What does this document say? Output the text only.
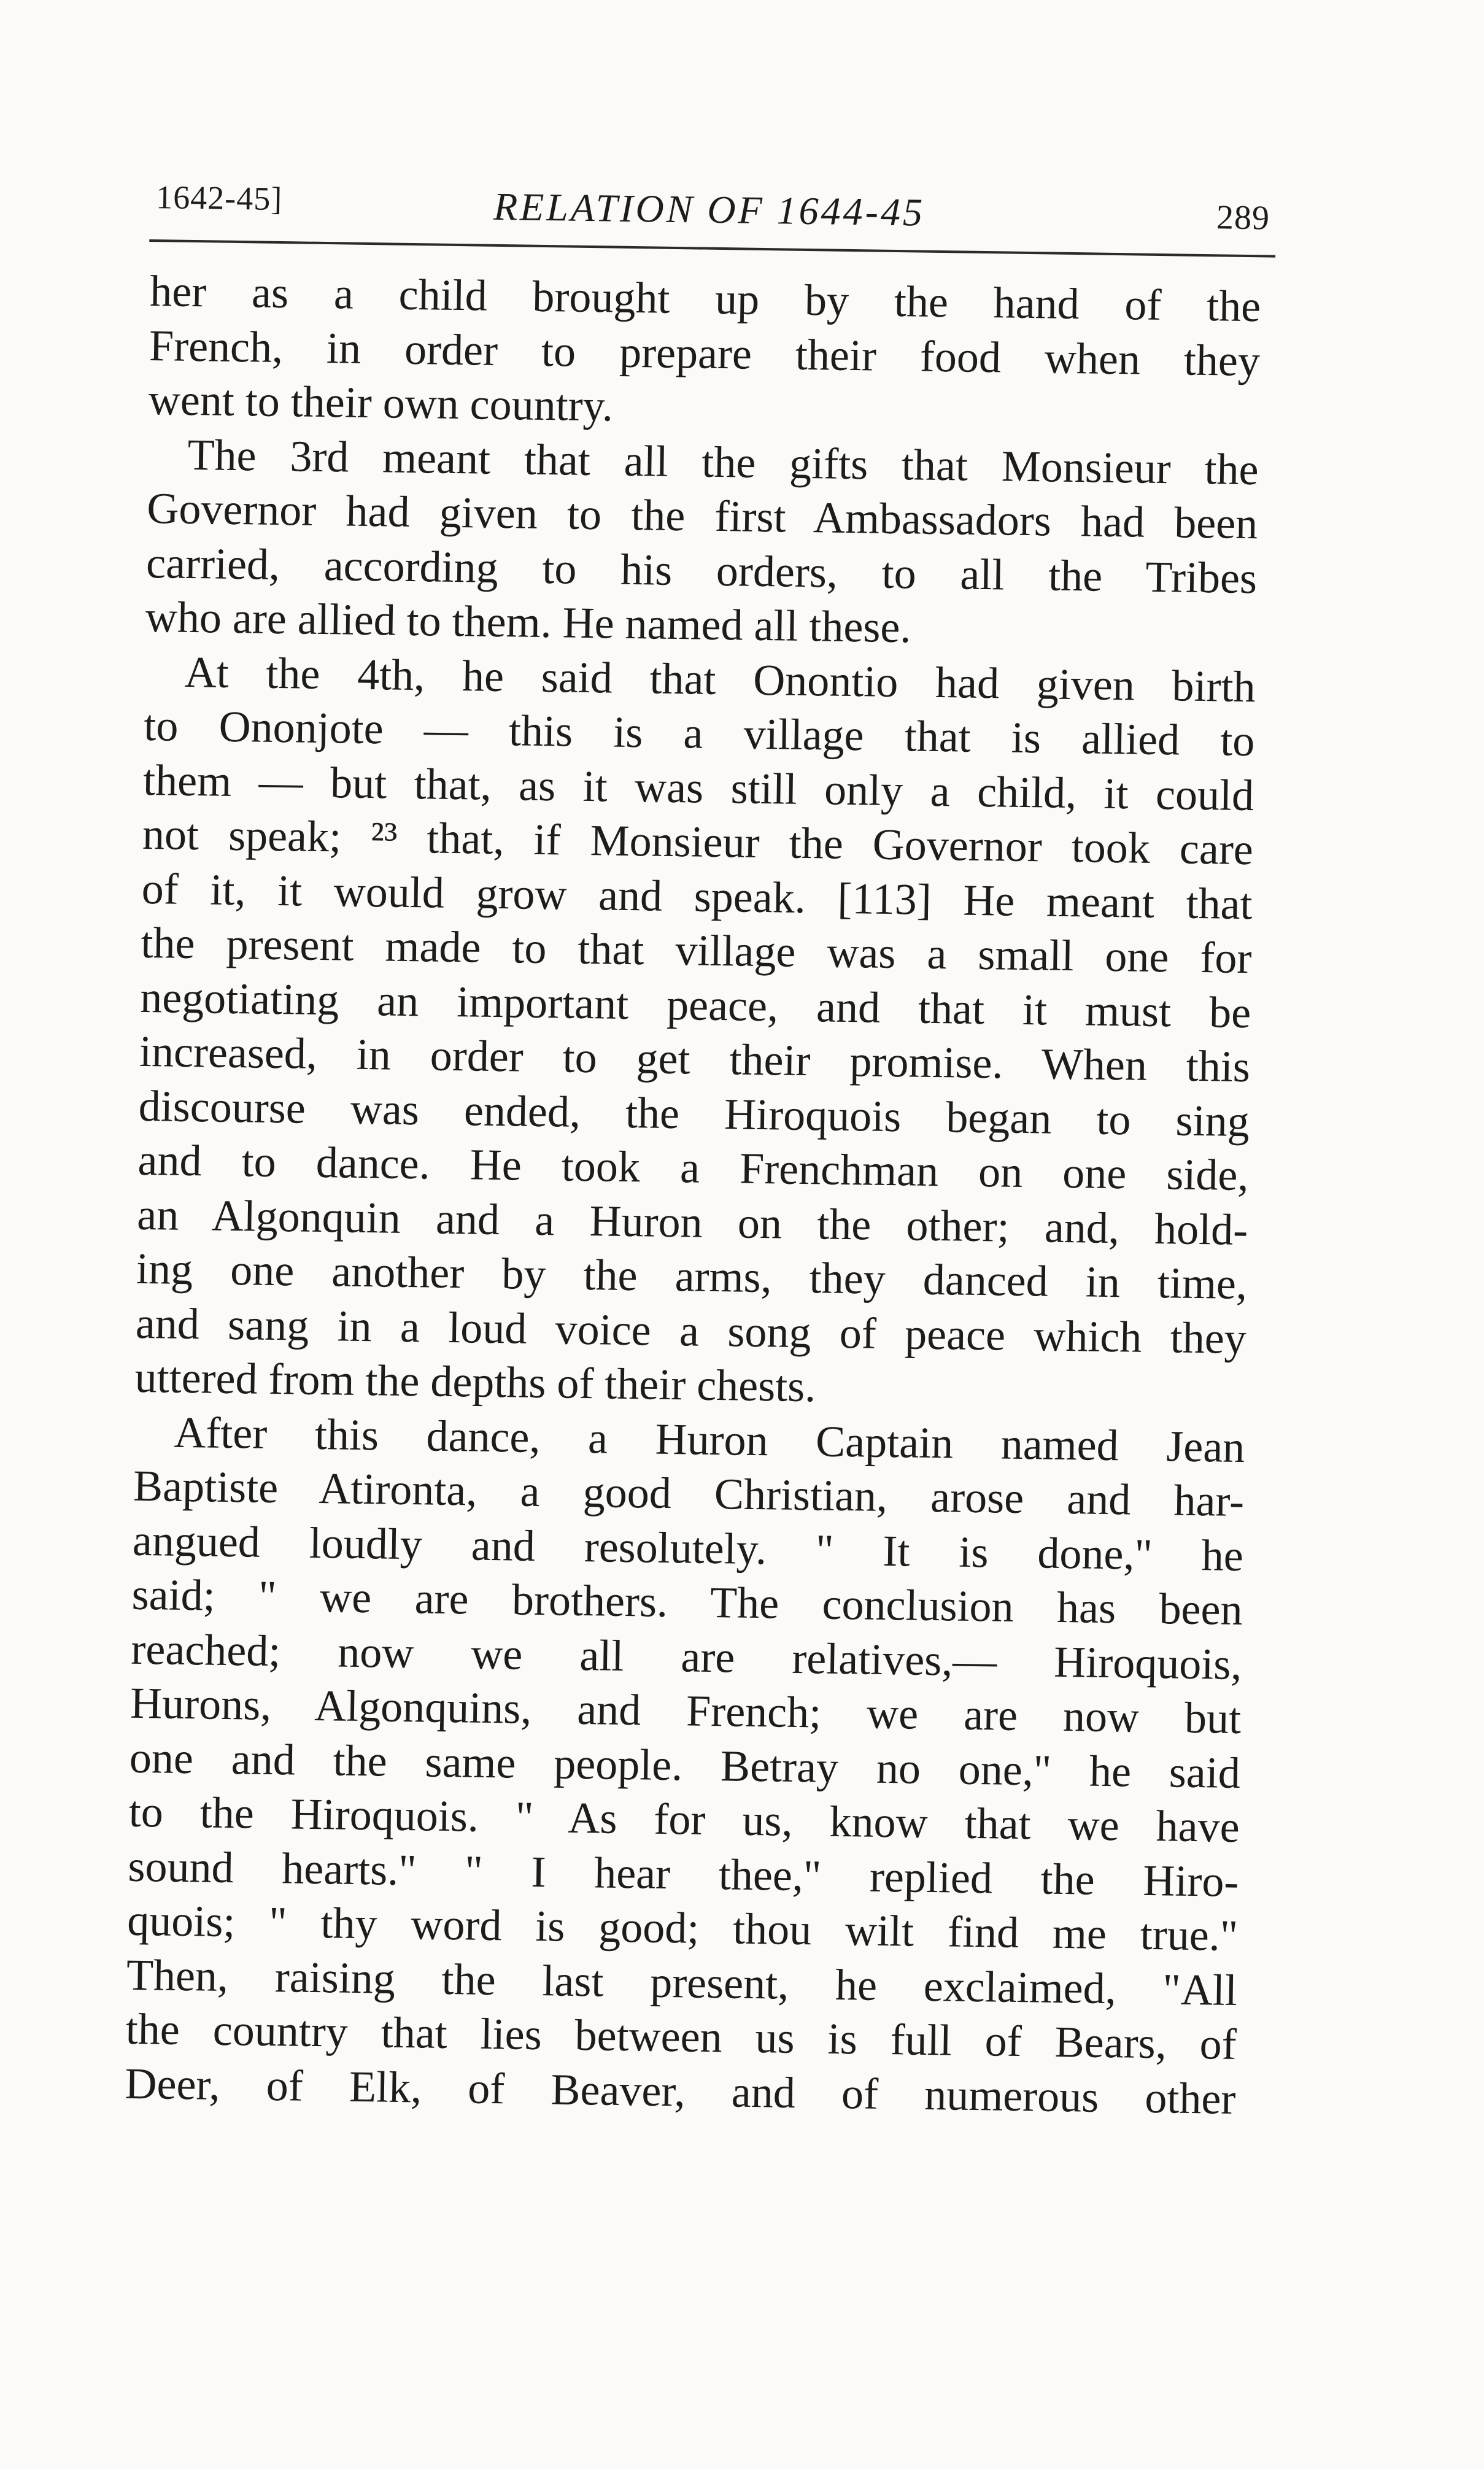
1642-45]	RELATION OF 1644-45	289
her as a child brought up by the hand of the
French, in order to prepare their food when they
went to their own country.
The 3rd meant that all the gifts that Monsieur the
Governor had given to the first Ambassadors had been
carried, according to his orders, to all the Tribes
who are allied to them. He named all these.
At the 4th, he said that Onontio had given birth
to Ononjote — this is a village that is allied to
them — but that, as it was still only a child, it could
not speak; ²³ that, if Monsieur the Governor took care
of it, it would grow and speak. [113] He meant that
the present made to that village was a small one for
negotiating an important peace, and that it must be
increased, in order to get their promise. When this
discourse was ended, the Hiroquois began to sing
and to dance. He took a Frenchman on one side,
an Algonquin and a Huron on the other; and, hold-
ing one another by the arms, they danced in time,
and sang in a loud voice a song of peace which they
uttered from the depths of their chests.
After this dance, a Huron Captain named Jean
Baptiste Atironta, a good Christian, arose and har-
angued loudly and resolutely. " It is done," he
said; " we are brothers. The conclusion has been
reached; now we all are relatives,— Hiroquois,
Hurons, Algonquins, and French; we are now but
one and the same people. Betray no one," he said
to the Hiroquois. " As for us, know that we have
sound hearts." " I hear thee," replied the Hiro-
quois; " thy word is good; thou wilt find me true."
Then, raising the last present, he exclaimed, "All
the country that lies between us is full of Bears, of
Deer, of Elk, of Beaver, and of numerous other
